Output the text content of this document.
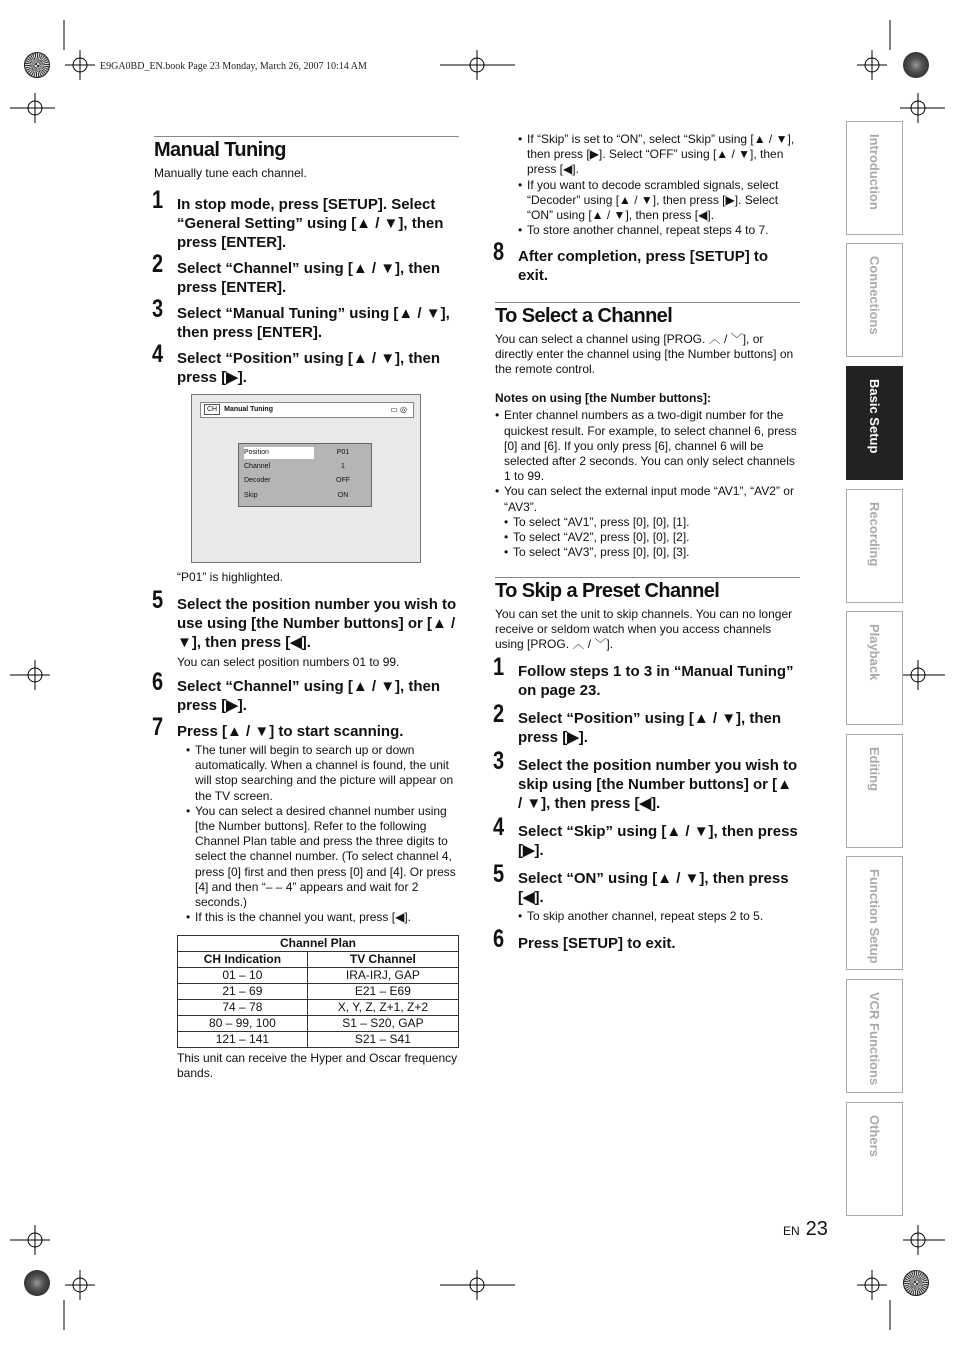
E9GA0BD_EN.book Page 23 Monday, March 26, 2007 10:14 AM
Manual Tuning
Manually tune each channel.
1 In stop mode, press [SETUP]. Select “General Setting” using [▲ / ▼], then press [ENTER].
2 Select “Channel” using [▲ / ▼], then press [ENTER].
3 Select “Manual Tuning” using [▲ / ▼], then press [ENTER].
4 Select “Position” using [▲ / ▼], then press [▶].
CH Manual Tuning	▭ ◎
Position	P01
Channel	1
Decoder	OFF
Skip	ON
“P01” is highlighted.
5 Select the position number you wish to use using [the Number buttons] or [▲ / ▼], then press [◀].
You can select position numbers 01 to 99.
6 Select “Channel” using [▲ / ▼], then press [▶].
7 Press [▲ / ▼] to start scanning.
• The tuner will begin to search up or down automatically. When a channel is found, the unit will stop searching and the picture will appear on the TV screen.
• You can select a desired channel number using [the Number buttons]. Refer to the following Channel Plan table and press the three digits to select the channel number. (To select channel 4, press [0] first and then press [0] and [4]. Or press [4] and then “– – 4” appears and wait for 2 seconds.)
• If this is the channel you want, press [◀].
Channel Plan	
CH Indication	TV Channel
01 – 10	IRA-IRJ, GAP
21 – 69	E21 – E69
74 – 78	X, Y, Z, Z+1, Z+2
80 – 99, 100	S1 – S20, GAP
121 – 141	S21 – S41
This unit can receive the Hyper and Oscar frequency bands.
• If “Skip” is set to “ON”, select “Skip” using [▲ / ▼], then press [▶]. Select “OFF” using [▲ / ▼], then press [◀].
• If you want to decode scrambled signals, select “Decoder” using [▲ / ▼], then press [▶]. Select “ON” using [▲ / ▼], then press [◀].
• To store another channel, repeat steps 4 to 7.
8 After completion, press [SETUP] to exit.
To Select a Channel
You can select a channel using [PROG. ︿ / ﹀], or directly enter the channel using [the Number buttons] on the remote control.
Notes on using [the Number buttons]:
• Enter channel numbers as a two-digit number for the quickest result. For example, to select channel 6, press [0] and [6]. If you only press [6], channel 6 will be selected after 2 seconds. You can only select channels 1 to 99.
• You can select the external input mode “AV1”, “AV2” or “AV3”.
• To select “AV1”, press [0], [0], [1].
• To select “AV2”, press [0], [0], [2].
• To select “AV3”, press [0], [0], [3].
To Skip a Preset Channel
You can set the unit to skip channels. You can no longer receive or seldom watch when you access channels using [PROG. ︿ / ﹀].
1 Follow steps 1 to 3 in “Manual Tuning” on page 23.
2 Select “Position” using [▲ / ▼], then press [▶].
3 Select the position number you wish to skip using [the Number buttons] or [▲ / ▼], then press [◀].
4 Select “Skip” using [▲ / ▼], then press [▶].
5 Select “ON” using [▲ / ▼], then press [◀].
• To skip another channel, repeat steps 2 to 5.
6 Press [SETUP] to exit.
Introduction
Connections
Basic Setup
Recording
Playback
Editing
Function Setup
VCR Functions
Others
EN 23
